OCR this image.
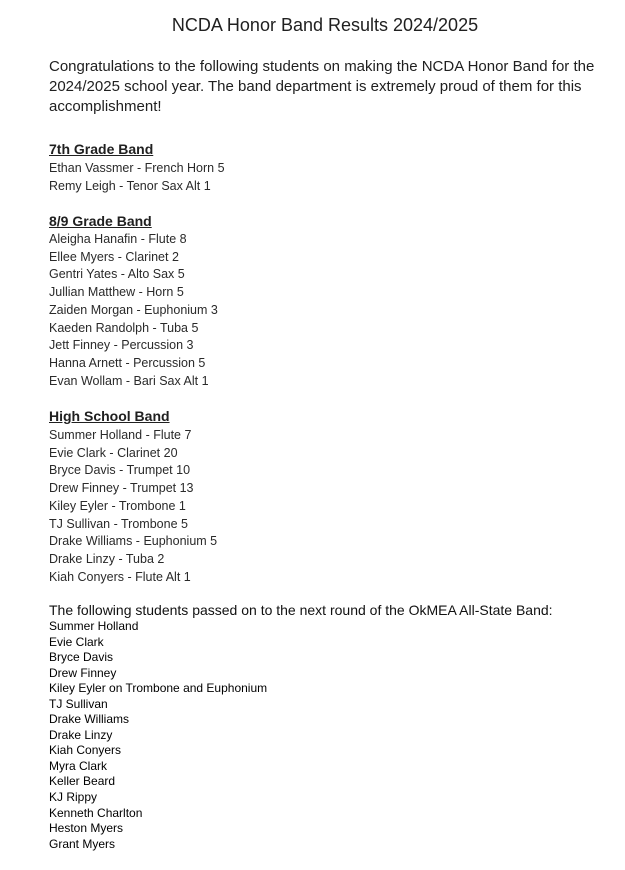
NCDA Honor Band Results 2024/2025
Congratulations to the following students on making the NCDA Honor Band for the 2024/2025 school year. The band department is extremely proud of them for this accomplishment!
7th Grade Band
Ethan Vassmer - French Horn 5
Remy Leigh - Tenor Sax Alt 1
8/9 Grade Band
Aleigha Hanafin - Flute 8
Ellee Myers - Clarinet 2
Gentri Yates - Alto Sax 5
Jullian Matthew - Horn 5
Zaiden Morgan - Euphonium 3
Kaeden Randolph - Tuba 5
Jett Finney - Percussion 3
Hanna Arnett - Percussion 5
Evan Wollam - Bari Sax Alt 1
High School Band
Summer Holland - Flute 7
Evie Clark - Clarinet 20
Bryce Davis - Trumpet 10
Drew Finney - Trumpet 13
Kiley Eyler - Trombone 1
TJ Sullivan - Trombone 5
Drake Williams - Euphonium 5
Drake Linzy - Tuba 2
Kiah Conyers - Flute Alt 1
The following students passed on to the next round of the OkMEA All-State Band:
Summer Holland
Evie Clark
Bryce Davis
Drew Finney
Kiley Eyler on Trombone and Euphonium
TJ Sullivan
Drake Williams
Drake Linzy
Kiah Conyers
Myra Clark
Keller Beard
KJ Rippy
Kenneth Charlton
Heston Myers
Grant Myers
